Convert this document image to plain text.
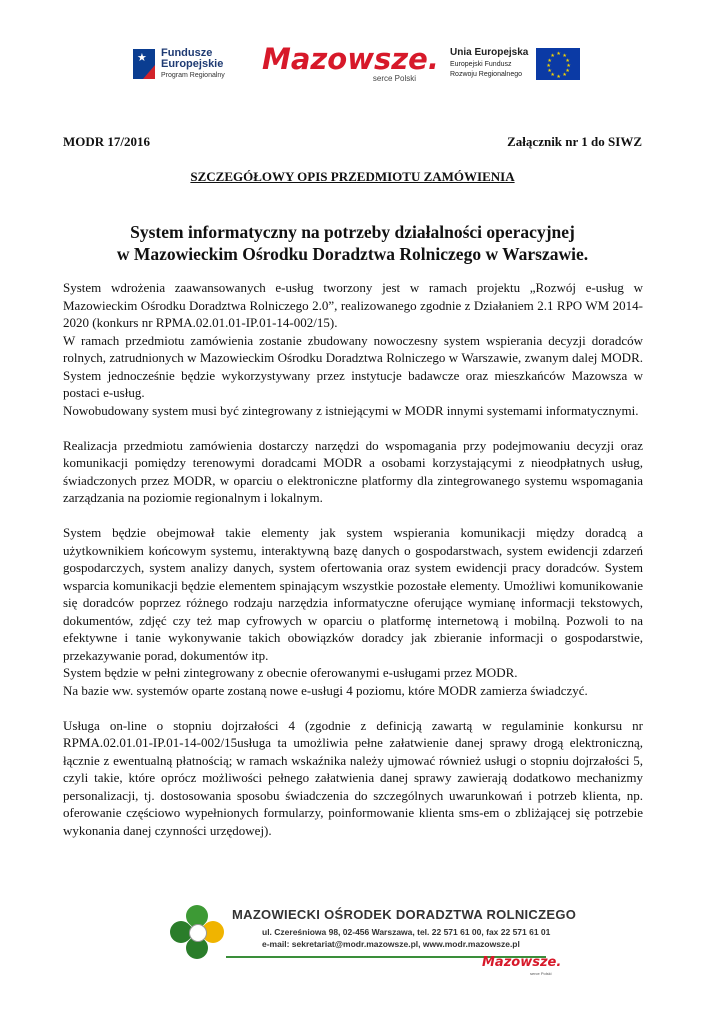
★ Fundusze
Europejskie
Program Regionalny Mazowsze.
serce Polski
Unia Europejska
Europejski Fundusz
Rozwoju Regionalnego
★ ★
★
★
★
★
★
★
★
★
★
★
MODR 17/2016	Załącznik nr 1 do SIWZ
SZCZEGÓŁOWY OPIS PRZEDMIOTU ZAMÓWIENIA
System informatyczny na potrzeby działalności operacyjnej
w Mazowieckim Ośrodku Doradztwa Rolniczego w Warszawie.

System wdrożenia zaawansowanych e-usług tworzony jest w ramach projektu „Rozwój e-usług w Mazowieckim Ośrodku Doradztwa Rolniczego 2.0”, realizowanego zgodnie z Działaniem 2.1 RPO WM 2014-2020 (konkurs nr RPMA.02.01.01-IP.01-14-002/15).

W ramach przedmiotu zamówienia zostanie zbudowany nowoczesny system wspierania decyzji doradców rolnych, zatrudnionych w Mazowieckim Ośrodku Doradztwa Rolniczego w Warszawie, zwanym dalej MODR. System jednocześnie będzie wykorzystywany przez instytucje badawcze oraz mieszkańców Mazowsza w postaci e-usług.

Nowobudowany system musi być zintegrowany z istniejącymi w MODR innymi systemami informatycznymi.

Realizacja przedmiotu zamówienia dostarczy narzędzi do wspomagania przy podejmowaniu decyzji oraz komunikacji pomiędzy terenowymi doradcami MODR a osobami korzystającymi z nieodpłatnych usług, świadczonych przez MODR, w oparciu o elektroniczne platformy dla zintegrowanego systemu wspomagania zarządzania na poziomie regionalnym i lokalnym.

System będzie obejmował takie elementy jak system wspierania komunikacji między doradcą a użytkownikiem końcowym systemu, interaktywną bazę danych o gospodarstwach, system ewidencji zdarzeń gospodarczych, system analizy danych, system ofertowania oraz system ewidencji pracy doradców. System wsparcia komunikacji będzie elementem spinającym wszystkie pozostałe elementy. Umożliwi komunikowanie się doradców poprzez różnego rodzaju narzędzia informatyczne oferujące wymianę informacji tekstowych, dokumentów, zdjęć czy też map cyfrowych w oparciu o platformę internetową i mobilną. Pozwoli to na efektywne i tanie wykonywanie takich obowiązków doradcy jak zbieranie informacji o gospodarstwie, przekazywanie porad, dokumentów itp.

System będzie w pełni zintegrowany z obecnie oferowanymi e-usługami przez MODR.

Na bazie ww. systemów oparte zostaną nowe e-usługi 4 poziomu, które MODR zamierza świadczyć.

Usługa on-line o stopniu dojrzałości 4 (zgodnie z definicją zawartą w regulaminie konkursu nr RPMA.02.01.01-IP.01-14-002/15usługa ta umożliwia pełne załatwienie danej sprawy drogą elektroniczną, łącznie z ewentualną płatnością; w ramach wskaźnika należy ujmować również usługi o stopniu dojrzałości 5, czyli takie, które oprócz możliwości pełnego załatwienia danej sprawy zawierają dodatkowo mechanizmy personalizacji, tj. dostosowania sposobu świadczenia do szczególnych uwarunkowań i potrzeb klienta, np. oferowanie częściowo wypełnionych formularzy, poinformowanie klienta sms-em o zbliżającej się potrzebie wykonania danej czynności urzędowej).

MAZOWIECKI OŚRODEK DORADZTWA ROLNICZEGO
ul. Czereśniowa 98, 02-456 Warszawa, tel. 22 571 61 00, fax 22 571 61 01
e-mail: sekretariat@modr.mazowsze.pl, www.modr.mazowsze.pl
Mazowsze.
serce Polski
